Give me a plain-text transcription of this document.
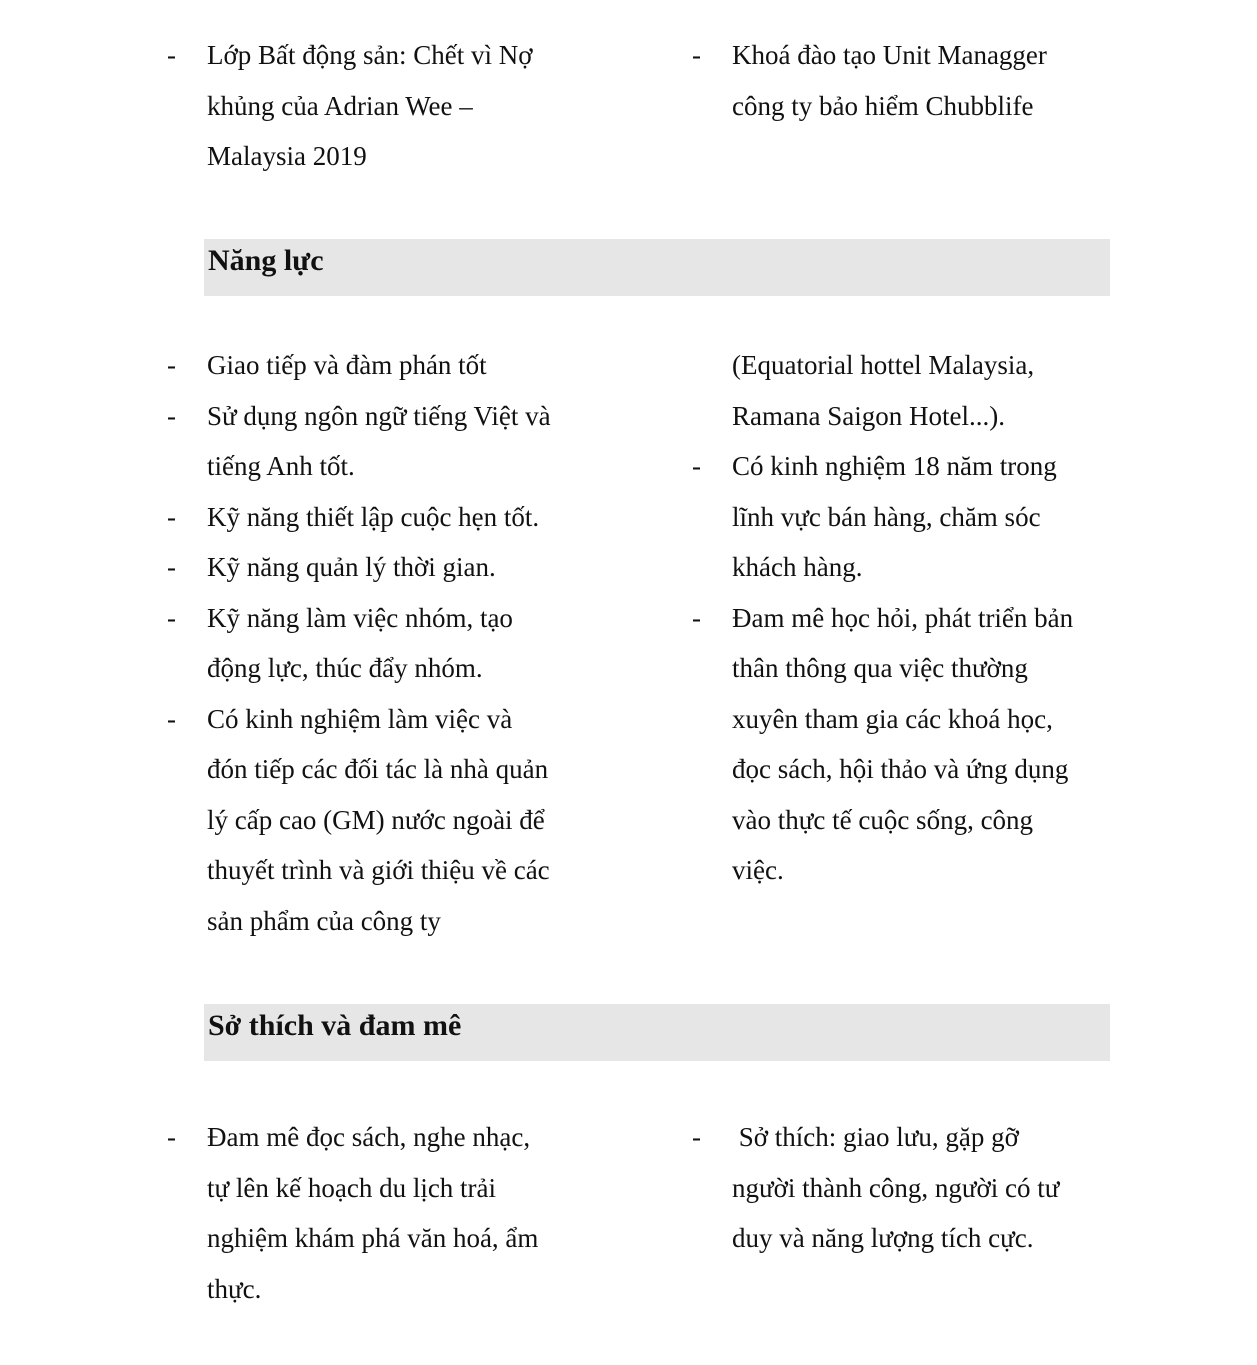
- Lớp Bất động sản: Chết vì Nợ
khủng của Adrian Wee –
Malaysia 2019
- Khoá đào tạo Unit Managger
công ty bảo hiểm Chubblife
Năng lực
- Giao tiếp và đàm phán tốt
- Sử dụng ngôn ngữ tiếng Việt và
tiếng Anh tốt.
- Kỹ năng thiết lập cuộc hẹn tốt.
- Kỹ năng quản lý thời gian.
- Kỹ năng làm việc nhóm, tạo
động lực, thúc đẩy nhóm.
- Có kinh nghiệm làm việc và
đón tiếp các đối tác là nhà quản
lý cấp cao (GM) nước ngoài để
thuyết trình và giới thiệu về các
sản phẩm của công ty
(Equatorial hottel Malaysia,
Ramana Saigon Hotel...).
- Có kinh nghiệm 18 năm trong
lĩnh vực bán hàng, chăm sóc
khách hàng.
- Đam mê học hỏi, phát triển bản
thân thông qua việc thường
xuyên tham gia các khoá học,
đọc sách, hội thảo và ứng dụng
vào thực tế cuộc sống, công
việc.
Sở thích và đam mê
- Đam mê đọc sách, nghe nhạc,
tự lên kế hoạch du lịch trải
nghiệm khám phá văn hoá, ẩm
thực.
- Sở thích: giao lưu, gặp gỡ
người thành công, người có tư
duy và năng lượng tích cực.
